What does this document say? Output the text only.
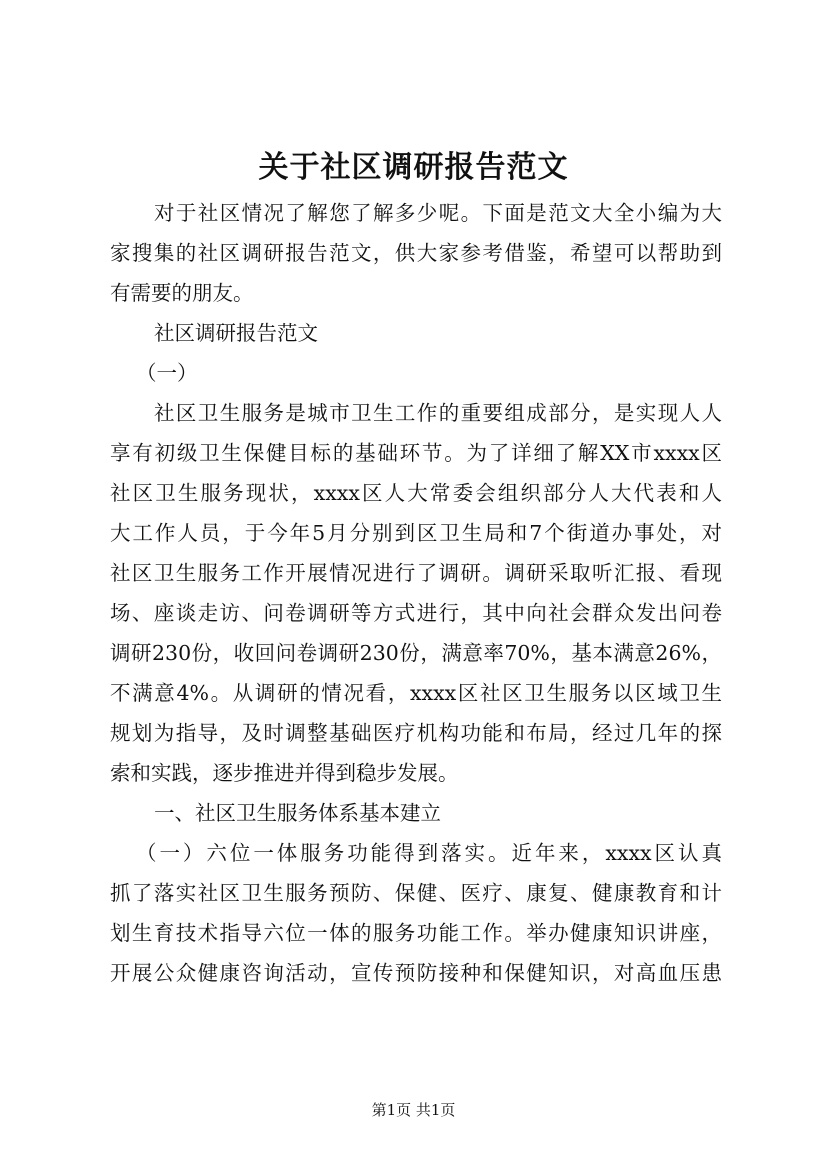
关于社区调研报告范文
对于社区情况了解您了解多少呢。下面是范文大全小编为大
家搜集的社区调研报告范文，供大家参考借鉴，希望可以帮助到
有需要的朋友。
社区调研报告范文
（一）
社区卫生服务是城市卫生工作的重要组成部分，是实现人人
享有初级卫生保健目标的基础环节。为了详细了解XX市xxxx区
社区卫生服务现状，xxxx区人大常委会组织部分人大代表和人
大工作人员，于今年5月分别到区卫生局和7个街道办事处，对
社区卫生服务工作开展情况进行了调研。调研采取听汇报、看现
场、座谈走访、问卷调研等方式进行，其中向社会群众发出问卷
调研230份，收回问卷调研230份，满意率70%，基本满意26%，
不满意4%。从调研的情况看，xxxx区社区卫生服务以区域卫生
规划为指导，及时调整基础医疗机构功能和布局，经过几年的探
索和实践，逐步推进并得到稳步发展。
一、社区卫生服务体系基本建立
（一）六位一体服务功能得到落实。近年来，xxxx区认真
抓了落实社区卫生服务预防、保健、医疗、康复、健康教育和计
划生育技术指导六位一体的服务功能工作。举办健康知识讲座，
开展公众健康咨询活动，宣传预防接种和保健知识，对高血压患
第1页 共1页
